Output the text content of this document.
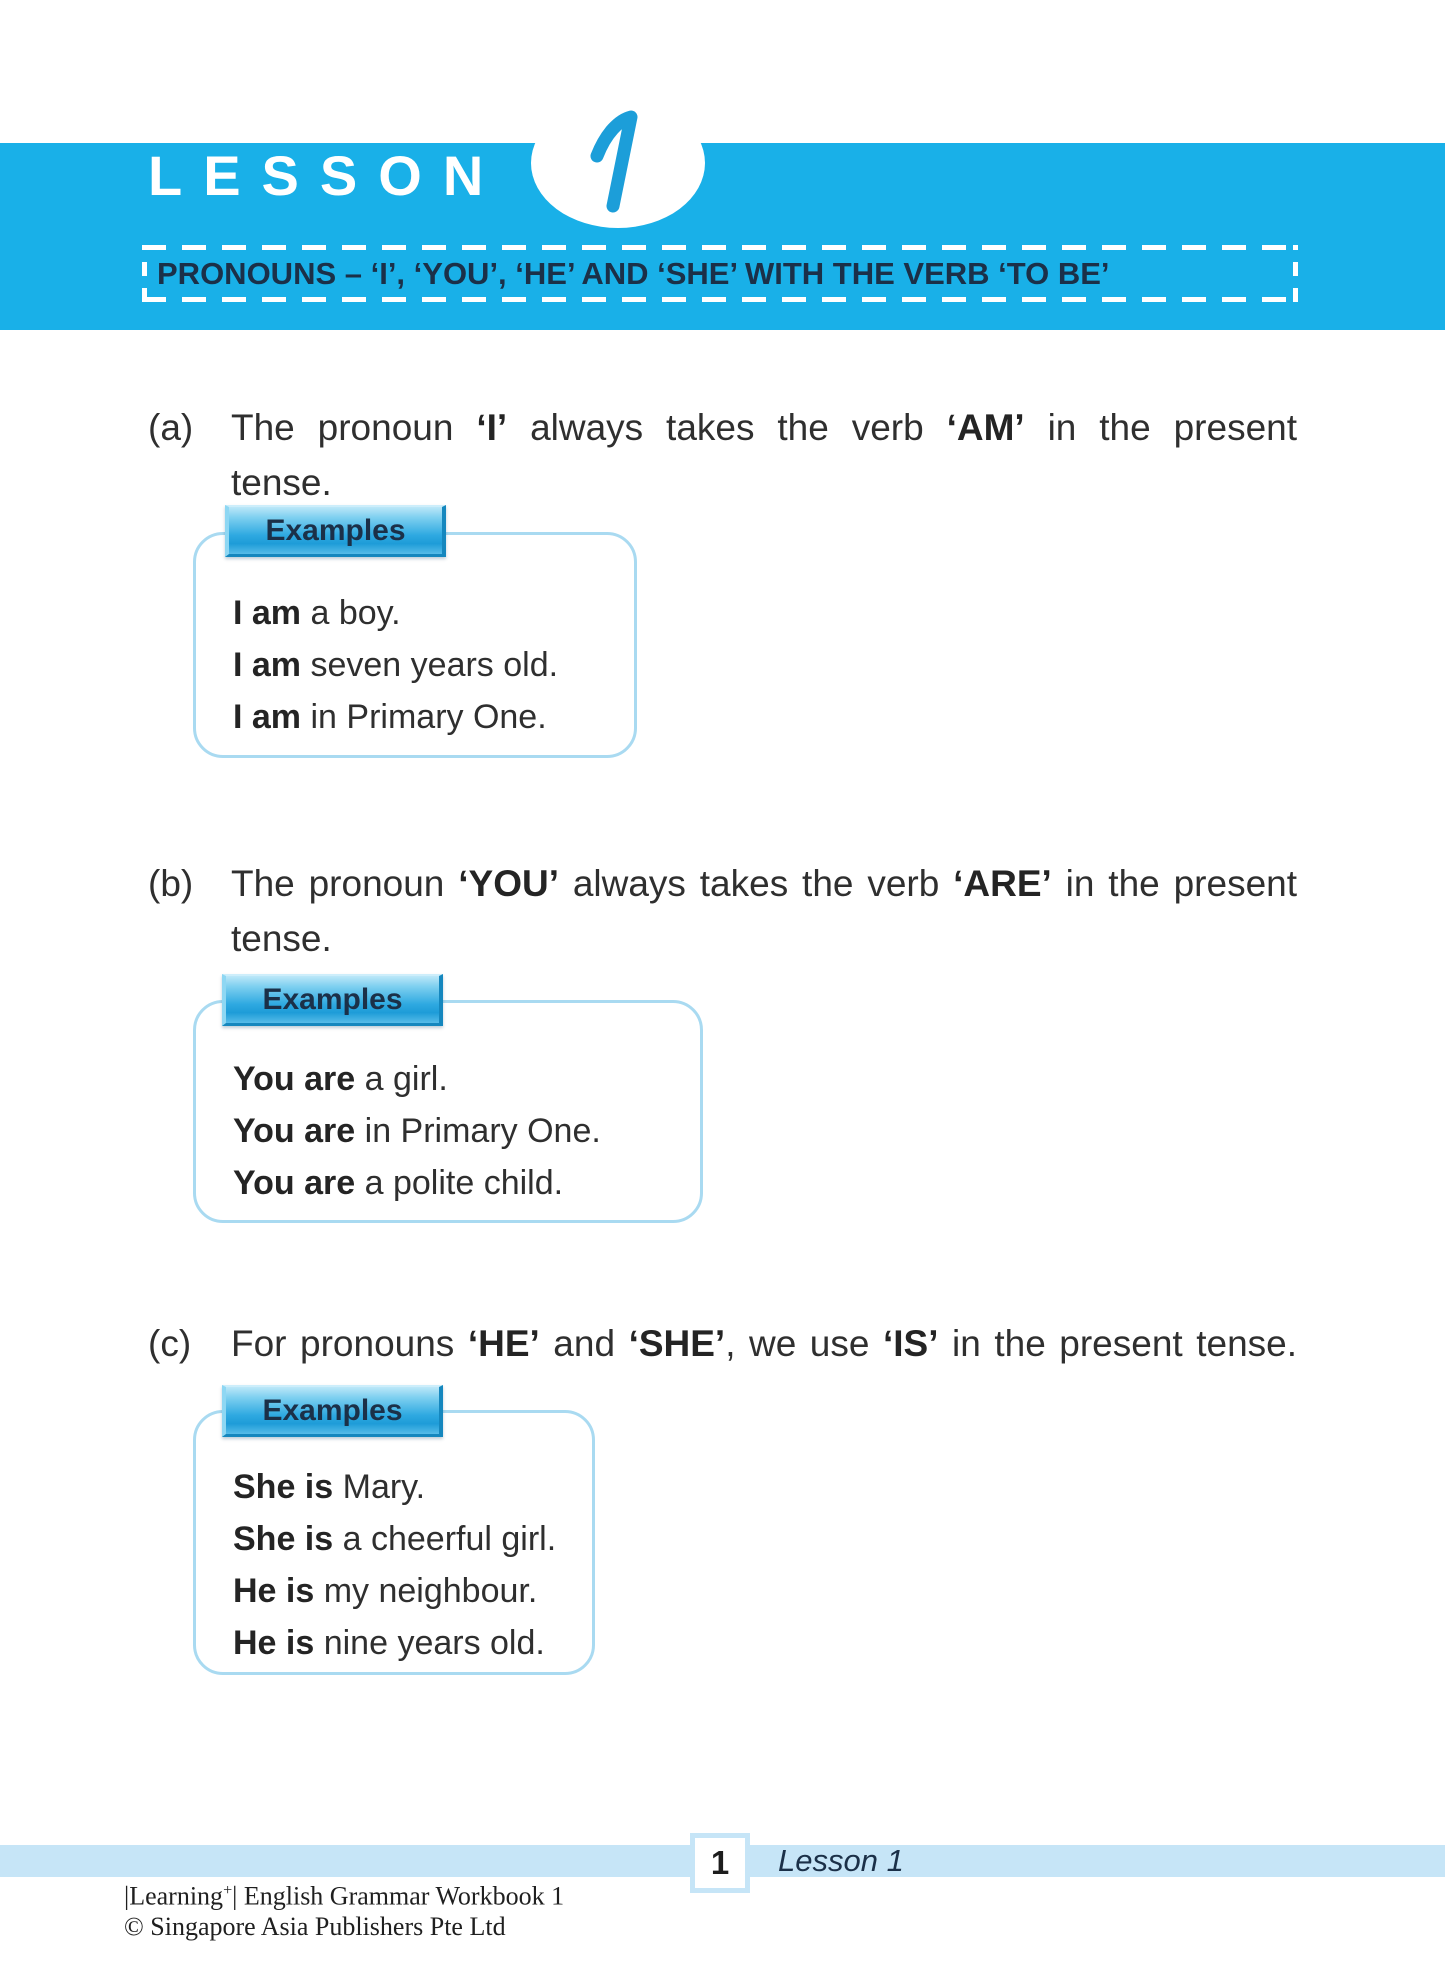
LESSON
PRONOUNS – ‘I’, ‘YOU’, ‘HE’ AND ‘SHE’ WITH THE VERB ‘TO BE’
(a) The pronoun ‘I’ always takes the verb ‘AM’ in the present
tense.
I am a boy.
I am seven years old.
I am in Primary One.
Examples
(b) The pronoun ‘YOU’ always takes the verb ‘ARE’ in the present
tense.
You are a girl.
You are in Primary One.
You are a polite child.
Examples
(c) For pronouns ‘HE’ and ‘SHE’, we use ‘IS’ in the present tense.
She is Mary.
She is a cheerful girl.
He is my neighbour.
He is nine years old.
Examples
1	Lesson 1
|Learning+| English Grammar Workbook 1
© Singapore Asia Publishers Pte Ltd
